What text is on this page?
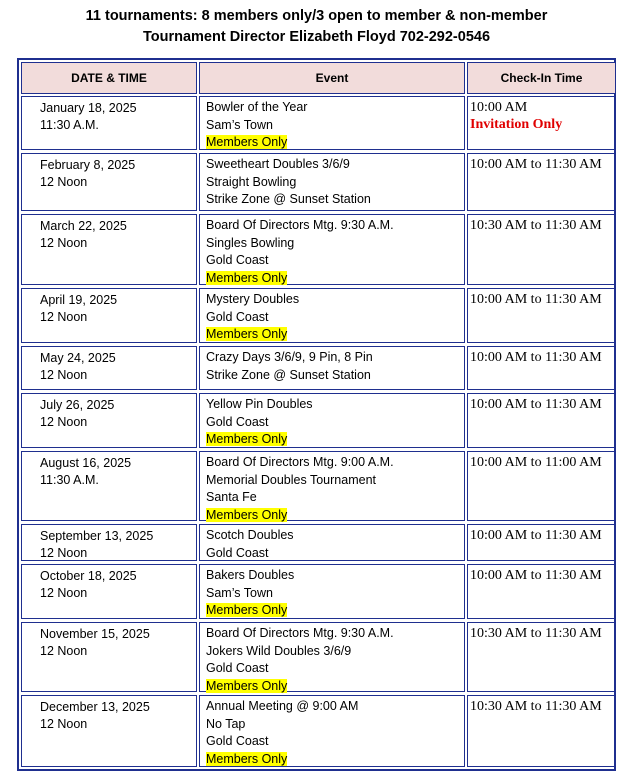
11 tournaments: 8 members only/3 open to member & non-member
Tournament Director Elizabeth Floyd 702-292-0546
DATE & TIME	Event	Check-In Time
January 18, 2025
11:30 A.M.
Bowler of the Year
Sam’s Town
Members Only
10:00 AM
Invitation Only
February 8, 2025
12 Noon
Sweetheart Doubles 3/6/9
Straight Bowling
Strike Zone @ Sunset Station
10:00 AM to 11:30 AM
March 22, 2025
12 Noon
Board Of Directors Mtg. 9:30 A.M.
Singles Bowling
Gold Coast
Members Only
10:30 AM to 11:30 AM
April 19, 2025
12 Noon
Mystery Doubles
Gold Coast
Members Only
10:00 AM to 11:30 AM
May 24, 2025
12 Noon
Crazy Days 3/6/9, 9 Pin, 8 Pin
Strike Zone @ Sunset Station
10:00 AM to 11:30 AM
July 26, 2025
12 Noon
Yellow Pin Doubles
Gold Coast
Members Only
10:00 AM to 11:30 AM
August 16, 2025
11:30 A.M.
Board Of Directors Mtg. 9:00 A.M.
Memorial Doubles Tournament
Santa Fe
Members Only
10:00 AM to 11:00 AM
September 13, 2025
12 Noon
Scotch Doubles
Gold Coast
10:00 AM to 11:30 AM
October 18, 2025
12 Noon
Bakers Doubles
Sam’s Town
Members Only
10:00 AM to 11:30 AM
November 15, 2025
12 Noon
Board Of Directors Mtg. 9:30 A.M.
Jokers Wild Doubles 3/6/9
Gold Coast
Members Only
10:30 AM to 11:30 AM
December 13, 2025
12 Noon
Annual Meeting @ 9:00 AM
No Tap
Gold Coast
Members Only
10:30 AM to 11:30 AM
